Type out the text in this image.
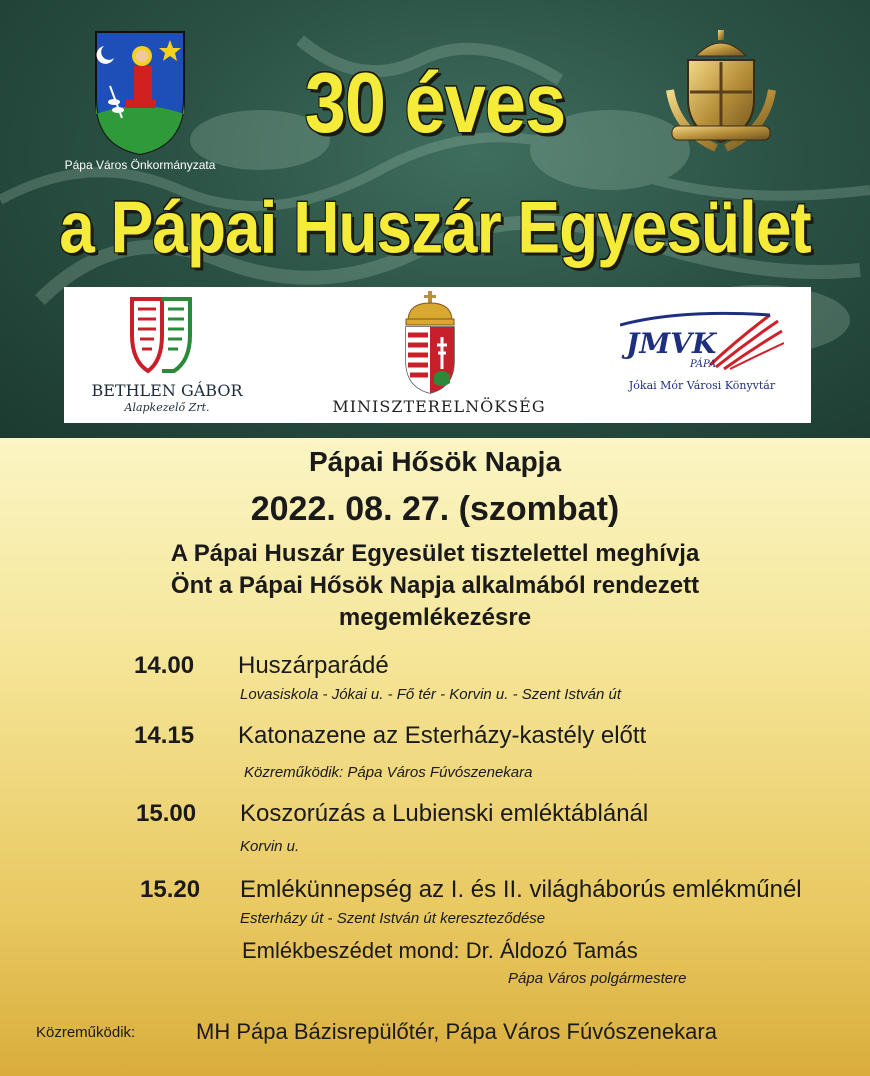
Pápa Város Önkormányzata
30 éves
a Pápai Huszár Egyesület
BETHLEN GÁBOR
Alapkezelő Zrt.	MINISZTERELNÖKSÉG
JMVK
PÁPA
Jókai Mór Városi Könyvtár
Pápai Hősök Napja
2022. 08. 27. (szombat)
A Pápai Huszár Egyesület tisztelettel meghívja
Önt a Pápai Hősök Napja alkalmából rendezett
megemlékezésre
14.00 Huszárparádé
Lovasiskola - Jókai u. - Fő tér - Korvin u. - Szent István út
14.15 Katonazene az Esterházy-kastély előtt
Közreműködik: Pápa Város Fúvószenekara
15.00 Koszorúzás a Lubienski emléktáblánál
Korvin u.
15.20 Emlékünnepség az I. és II. világháborús emlékműnél
Esterházy út - Szent István út kereszteződése
Emlékbeszédet mond: Dr. Áldozó Tamás
Pápa Város polgármestere
Közreműködik:	MH Pápa Bázisrepülőtér, Pápa Város Fúvószenekara
